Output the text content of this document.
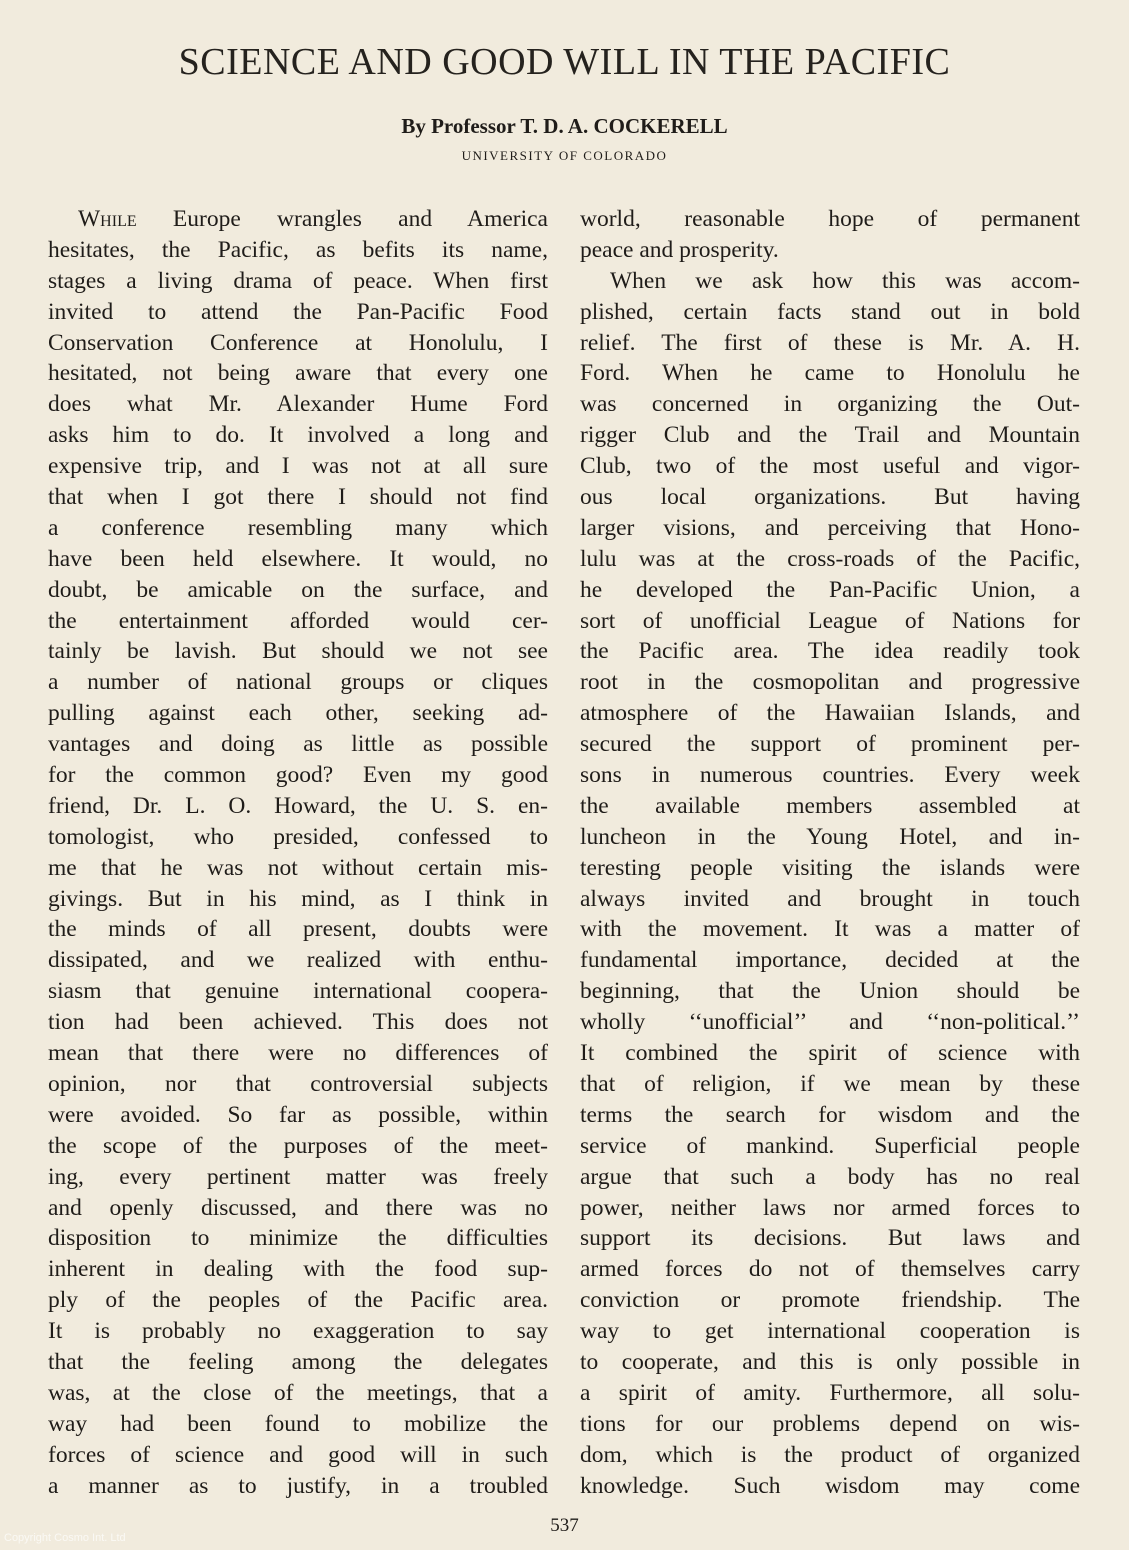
SCIENCE AND GOOD WILL IN THE PACIFIC
By Professor T. D. A. COCKERELL
UNIVERSITY OF COLORADO
While Europe wrangles and America
hesitates, the Pacific, as befits its name,
stages a living drama of peace. When first
invited to attend the Pan-Pacific Food
Conservation Conference at Honolulu, I
hesitated, not being aware that every one
does what Mr. Alexander Hume Ford
asks him to do. It involved a long and
expensive trip, and I was not at all sure
that when I got there I should not find
a conference resembling many which
have been held elsewhere. It would, no
doubt, be amicable on the surface, and
the entertainment afforded would cer-
tainly be lavish. But should we not see
a number of national groups or cliques
pulling against each other, seeking ad-
vantages and doing as little as possible
for the common good? Even my good
friend, Dr. L. O. Howard, the U. S. en-
tomologist, who presided, confessed to
me that he was not without certain mis-
givings. But in his mind, as I think in
the minds of all present, doubts were
dissipated, and we realized with enthu-
siasm that genuine international coopera-
tion had been achieved. This does not
mean that there were no differences of
opinion, nor that controversial subjects
were avoided. So far as possible, within
the scope of the purposes of the meet-
ing, every pertinent matter was freely
and openly discussed, and there was no
disposition to minimize the difficulties
inherent in dealing with the food sup-
ply of the peoples of the Pacific area.
It is probably no exaggeration to say
that the feeling among the delegates
was, at the close of the meetings, that a
way had been found to mobilize the
forces of science and good will in such
a manner as to justify, in a troubled
world, reasonable hope of permanent
peace and prosperity.
When we ask how this was accom-
plished, certain facts stand out in bold
relief. The first of these is Mr. A. H.
Ford. When he came to Honolulu he
was concerned in organizing the Out-
rigger Club and the Trail and Mountain
Club, two of the most useful and vigor-
ous local organizations. But having
larger visions, and perceiving that Hono-
lulu was at the cross-roads of the Pacific,
he developed the Pan-Pacific Union, a
sort of unofficial League of Nations for
the Pacific area. The idea readily took
root in the cosmopolitan and progressive
atmosphere of the Hawaiian Islands, and
secured the support of prominent per-
sons in numerous countries. Every week
the available members assembled at
luncheon in the Young Hotel, and in-
teresting people visiting the islands were
always invited and brought in touch
with the movement. It was a matter of
fundamental importance, decided at the
beginning, that the Union should be
wholly ‘‘unofficial’’ and ‘‘non-political.’’
It combined the spirit of science with
that of religion, if we mean by these
terms the search for wisdom and the
service of mankind. Superficial people
argue that such a body has no real
power, neither laws nor armed forces to
support its decisions. But laws and
armed forces do not of themselves carry
conviction or promote friendship. The
way to get international cooperation is
to cooperate, and this is only possible in
a spirit of amity. Furthermore, all solu-
tions for our problems depend on wis-
dom, which is the product of organized
knowledge. Such wisdom may come
537
Copyright Cosmo Int. Ltd
